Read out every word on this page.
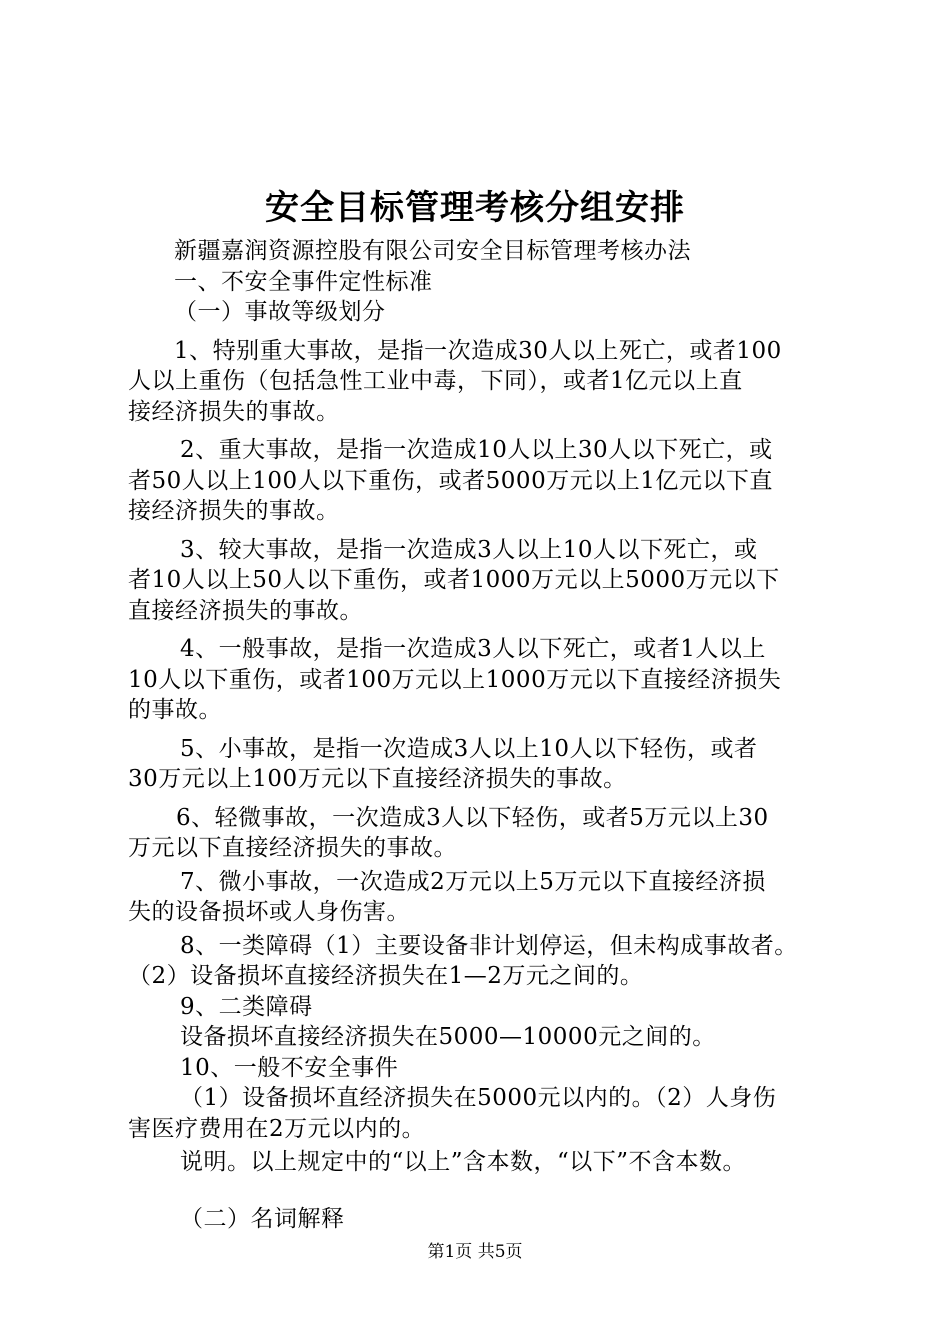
安全目标管理考核分组安排
新疆嘉润资源控股有限公司安全目标管理考核办法
一、不安全事件定性标准
（一）事故等级划分
1、特别重大事故，是指一次造成30人以上死亡，或者100
人以上重伤（包括急性工业中毒，下同），或者1亿元以上直
接经济损失的事故。
2、重大事故，是指一次造成10人以上30人以下死亡，或
者50人以上100人以下重伤，或者5000万元以上1亿元以下直
接经济损失的事故。
3、较大事故，是指一次造成3人以上10人以下死亡，或
者10人以上50人以下重伤，或者1000万元以上5000万元以下
直接经济损失的事故。
4、一般事故，是指一次造成3人以下死亡，或者1人以上
10人以下重伤，或者100万元以上1000万元以下直接经济损失
的事故。
5、小事故，是指一次造成3人以上10人以下轻伤，或者
30万元以上100万元以下直接经济损失的事故。
6、轻微事故，一次造成3人以下轻伤，或者5万元以上30
万元以下直接经济损失的事故。
7、微小事故，一次造成2万元以上5万元以下直接经济损
失的设备损坏或人身伤害。
8、一类障碍（1）主要设备非计划停运，但未构成事故者。
（2）设备损坏直接经济损失在1—2万元之间的。
9、二类障碍
设备损坏直接经济损失在5000—10000元之间的。
10、一般不安全事件
（1）设备损坏直经济损失在5000元以内的。（2）人身伤
害医疗费用在2万元以内的。
说明。以上规定中的“以上”含本数，“以下”不含本数。
（二）名词解释
第1页 共5页
